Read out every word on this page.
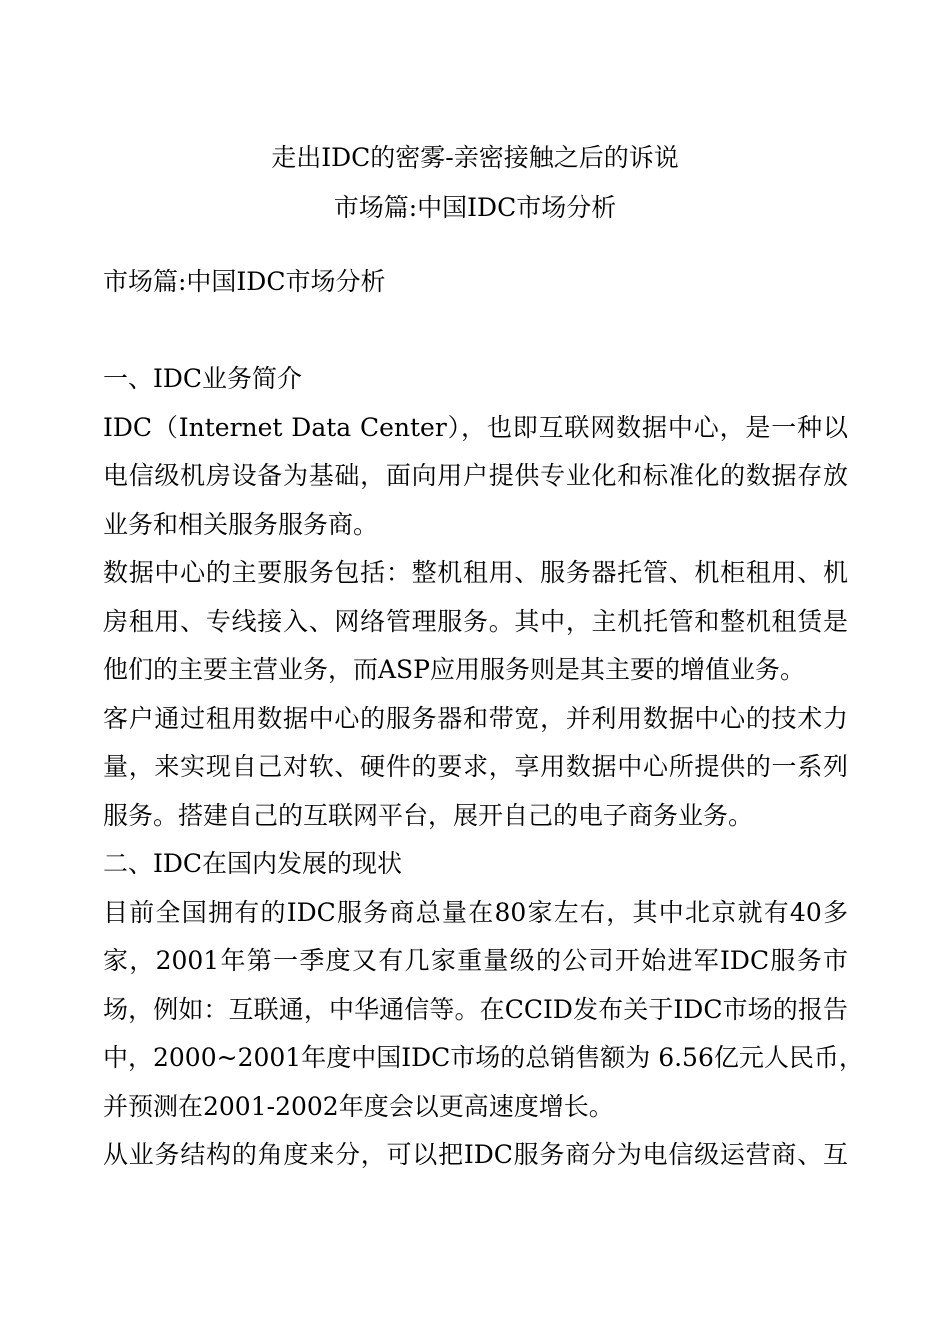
走出IDC的密雾-亲密接触之后的诉说
市场篇:中国IDC市场分析

市场篇:中国IDC市场分析

一、IDC业务简介

IDC（Internet Data Center），也即互联网数据中心，是一种以
电信级机房设备为基础，面向用户提供专业化和标准化的数据存放
业务和相关服务服务商。

数据中心的主要服务包括：整机租用、服务器托管、机柜租用、机
房租用、专线接入、网络管理服务。其中，主机托管和整机租赁是
他们的主要主营业务，而ASP应用服务则是其主要的增值业务。

客户通过租用数据中心的服务器和带宽，并利用数据中心的技术力
量，来实现自己对软、硬件的要求，享用数据中心所提供的一系列
服务。搭建自己的互联网平台，展开自己的电子商务业务。

二、IDC在国内发展的现状

目前全国拥有的IDC服务商总量在80家左右，其中北京就有40多
家，2001年第一季度又有几家重量级的公司开始进军IDC服务市
场，例如：互联通，中华通信等。在CCID发布关于IDC市场的报告
中，2000~2001年度中国IDC市场的总销售额为 6.56亿元人民币，
并预测在2001-2002年度会以更高速度增长。

从业务结构的角度来分，可以把IDC服务商分为电信级运营商、互
